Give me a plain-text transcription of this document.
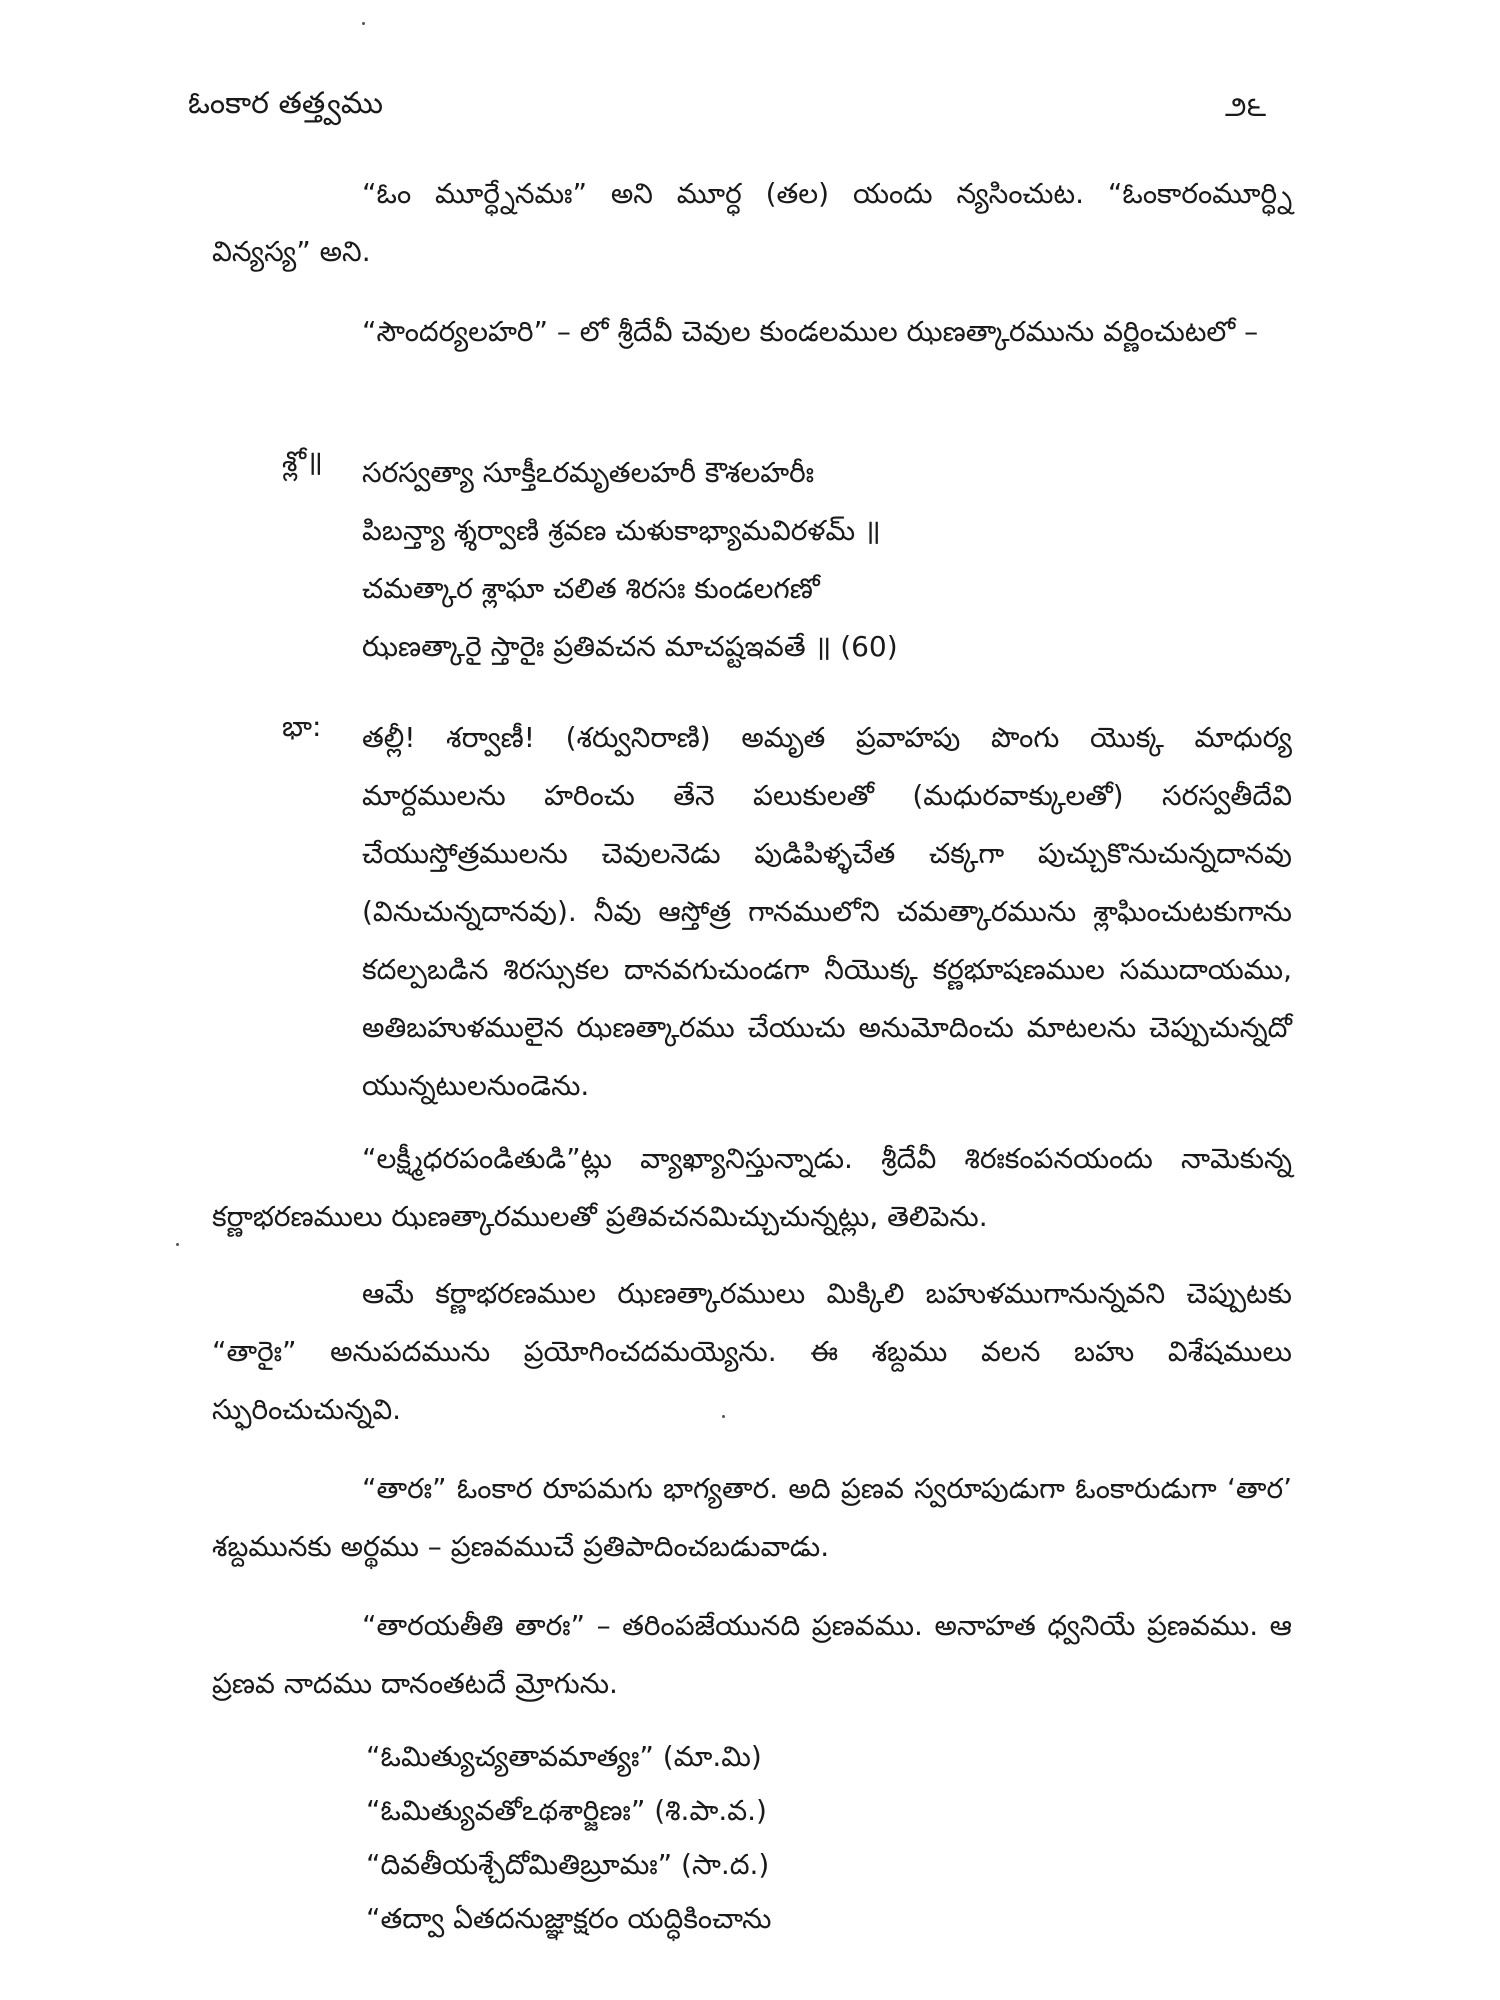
ఓంకార తత్త్వము	౨౬
“ఓం మూర్ధ్నేనమః” అని మూర్ధ (తల) యందు న్యసించుట. “ఓంకారంమూర్ధ్ని విన్యస్య” అని.
“సౌందర్యలహరి” – లో శ్రీదేవీ చెవుల కుండలముల ఝణత్కారమును వర్ణించుటలో –
శ్లో॥ సరస్వత్యా సూక్తీఽరమృతలహరీ కౌశలహరీః
పిబన్త్యా శ్శర్వాణి శ్రవణ చుళుకాభ్యామవిరళమ్ ॥
చమత్కార శ్లాఘా చలిత శిరసః కుండలగణో
ఝణత్కారై స్తారైః ప్రతివచన మాచష్టఇవతే ॥ (60)
భా: తల్లీ! శర్వాణీ! (శర్వునిరాణి) అమృత ప్రవాహపు పొంగు యొక్క మాధుర్య మార్దములను హరించు తేనె పలుకులతో (మధురవాక్కులతో) సరస్వతీదేవి చేయుస్తోత్రములను చెవులనెడు పుడిపిళ్ళచేత చక్కగా పుచ్చుకొనుచున్నదానవు (వినుచున్నదానవు). నీవు ఆస్తోత్ర గానములోని చమత్కారమును శ్లాఘించుటకుగాను కదల్పబడిన శిరస్సుకల దానవగుచుండగా నీయొక్క కర్ణభూషణముల సముదాయము, అతిబహుళములైన ఝణత్కారము చేయుచు అనుమోదించు మాటలను చెప్పుచున్నదో యున్నటులనుండెను.
“లక్ష్మీధరపండితుడి”ట్లు వ్యాఖ్యానిస్తున్నాడు. శ్రీదేవీ శిరఃకంపనయందు నామెకున్న కర్ణాభరణములు ఝణత్కారములతో ప్రతివచనమిచ్చుచున్నట్లు, తెలిపెను.
ఆమే కర్ణాభరణముల ఝణత్కారములు మిక్కిలి బహుళముగానున్నవని చెప్పుటకు “తారైః” అనుపదమును ప్రయోగించదమయ్యెను. ఈ శబ్దము వలన బహు విశేషములు స్ఫురించుచున్నవి.
“తారః” ఓంకార రూపమగు భాగ్యతార. అది ప్రణవ స్వరూపుడుగా ఓంకారుడుగా ‘తార’ శబ్దమునకు అర్థము – ప్రణవముచే ప్రతిపాదించబడువాడు.
“తారయతీతి తారః” – తరింపజేయునది ప్రణవము. అనాహత ధ్వనియే ప్రణవము. ఆ ప్రణవ నాదము దానంతటదే మ్రోగును.
“ఓమిత్యుచ్యతావమాత్యః” (మా.మి)
“ఓమిత్యువతోఽథశార్జిణః” (శి.పా.వ.)
“దివతీయశ్చేదోమితిబ్రూమః” (సా.ద.)
“తద్వా ఏతదనుజ్ఞాక్షరం యద్ధికించాను
